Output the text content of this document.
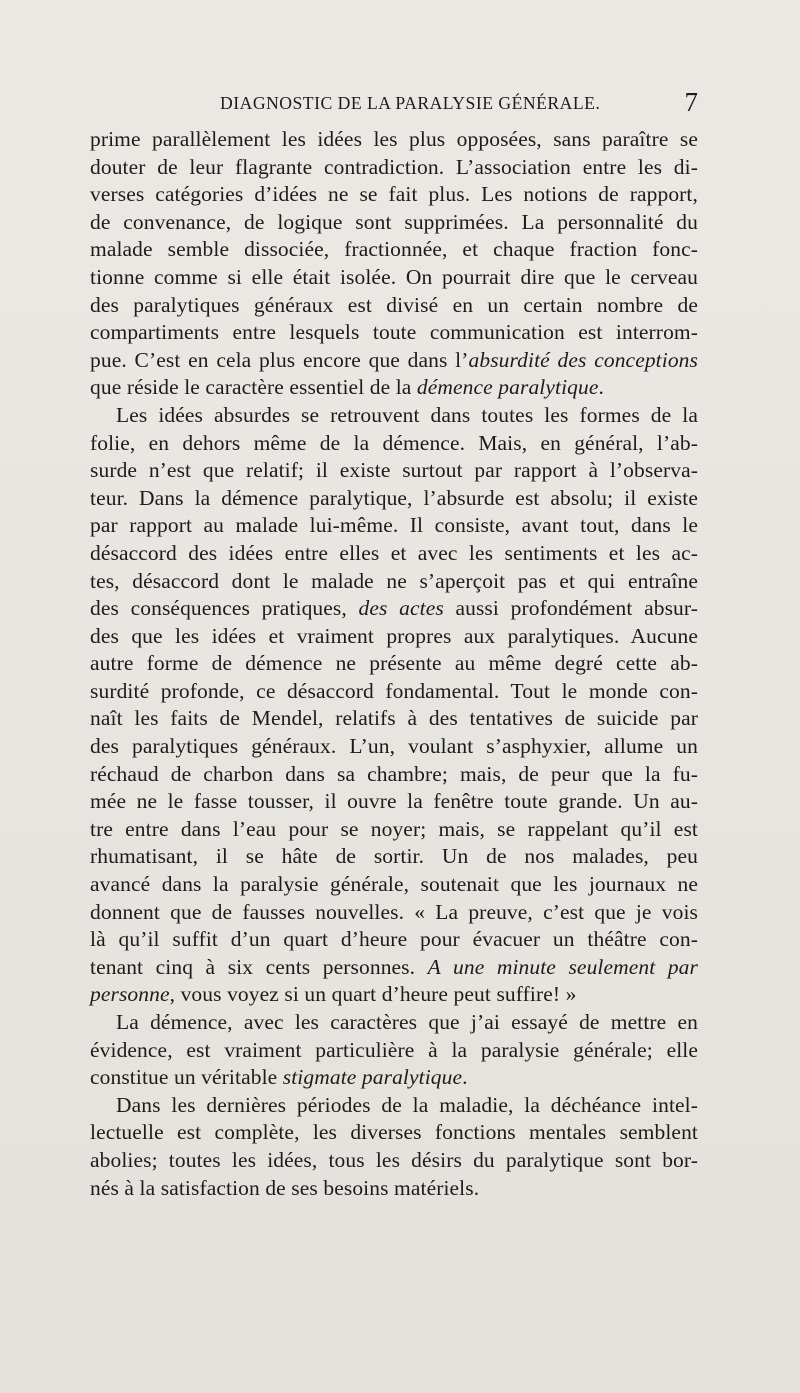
DIAGNOSTIC DE LA PARALYSIE GÉNÉRALE.	7
prime parallèlement les idées les plus opposées, sans paraître se
douter de leur flagrante contradiction. L’association entre les di-
verses catégories d’idées ne se fait plus. Les notions de rapport,
de convenance, de logique sont supprimées. La personnalité du
malade semble dissociée, fractionnée, et chaque fraction fonc-
tionne comme si elle était isolée. On pourrait dire que le cerveau
des paralytiques généraux est divisé en un certain nombre de
compartiments entre lesquels toute communication est interrom-
pue. C’est en cela plus encore que dans l’absurdité des conceptions
que réside le caractère essentiel de la démence paralytique.
Les idées absurdes se retrouvent dans toutes les formes de la
folie, en dehors même de la démence. Mais, en général, l’ab-
surde n’est que relatif; il existe surtout par rapport à l’observa-
teur. Dans la démence paralytique, l’absurde est absolu; il existe
par rapport au malade lui-même. Il consiste, avant tout, dans le
désaccord des idées entre elles et avec les sentiments et les ac-
tes, désaccord dont le malade ne s’aperçoit pas et qui entraîne
des conséquences pratiques, des actes aussi profondément absur-
des que les idées et vraiment propres aux paralytiques. Aucune
autre forme de démence ne présente au même degré cette ab-
surdité profonde, ce désaccord fondamental. Tout le monde con-
naît les faits de Mendel, relatifs à des tentatives de suicide par
des paralytiques généraux. L’un, voulant s’asphyxier, allume un
réchaud de charbon dans sa chambre; mais, de peur que la fu-
mée ne le fasse tousser, il ouvre la fenêtre toute grande. Un au-
tre entre dans l’eau pour se noyer; mais, se rappelant qu’il est
rhumatisant, il se hâte de sortir. Un de nos malades, peu
avancé dans la paralysie générale, soutenait que les journaux ne
donnent que de fausses nouvelles. « La preuve, c’est que je vois
là qu’il suffit d’un quart d’heure pour évacuer un théâtre con-
tenant cinq à six cents personnes. A une minute seulement par
personne, vous voyez si un quart d’heure peut suffire! »
La démence, avec les caractères que j’ai essayé de mettre en
évidence, est vraiment particulière à la paralysie générale; elle
constitue un véritable stigmate paralytique.
Dans les dernières périodes de la maladie, la déchéance intel-
lectuelle est complète, les diverses fonctions mentales semblent
abolies; toutes les idées, tous les désirs du paralytique sont bor-
nés à la satisfaction de ses besoins matériels.
